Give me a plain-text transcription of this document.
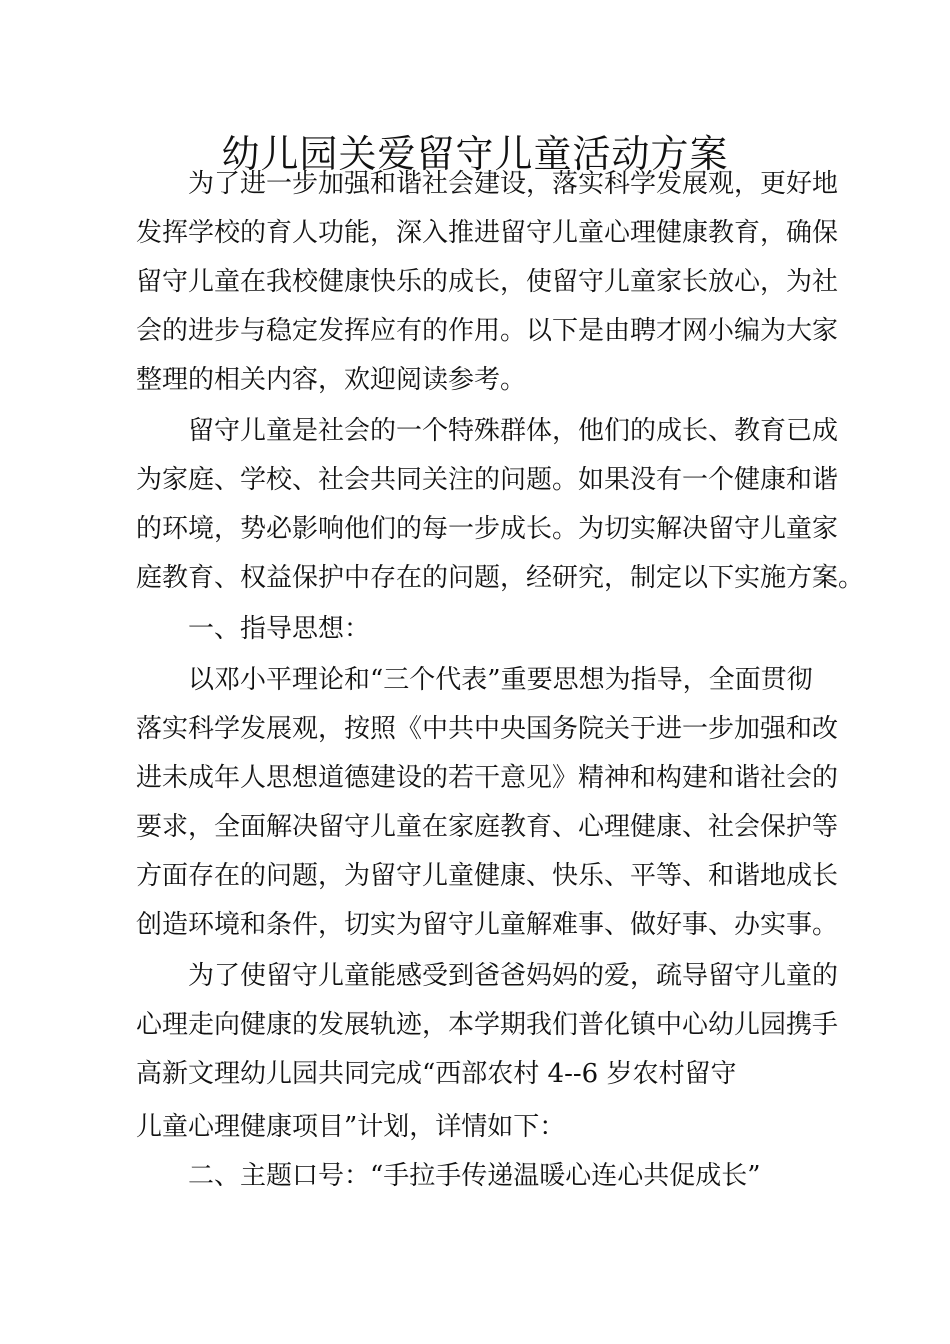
幼儿园关爱留守儿童活动方案
为了进一步加强和谐社会建设，落实科学发展观，更好地
发挥学校的育人功能，深入推进留守儿童心理健康教育，确保
留守儿童在我校健康快乐的成长，使留守儿童家长放心，为社
会的进步与稳定发挥应有的作用。以下是由聘才网小编为大家
整理的相关内容，欢迎阅读参考。
留守儿童是社会的一个特殊群体，他们的成长、教育已成
为家庭、学校、社会共同关注的问题。如果没有一个健康和谐
的环境，势必影响他们的每一步成长。为切实解决留守儿童家
庭教育、权益保护中存在的问题，经研究，制定以下实施方案。
一、指导思想：
以邓小平理论和“三个代表”重要思想为指导，全面贯彻
落实科学发展观，按照《中共中央国务院关于进一步加强和改
进未成年人思想道德建设的若干意见》精神和构建和谐社会的
要求，全面解决留守儿童在家庭教育、心理健康、社会保护等
方面存在的问题，为留守儿童健康、快乐、平等、和谐地成长
创造环境和条件，切实为留守儿童解难事、做好事、办实事。
为了使留守儿童能感受到爸爸妈妈的爱，疏导留守儿童的
心理走向健康的发展轨迹，本学期我们普化镇中心幼儿园携手
高新文理幼儿园共同完成“西部农村 4--6 岁农村留守
儿童心理健康项目”计划，详情如下：
二、主题口号：“手拉手传递温暖心连心共促成长”
